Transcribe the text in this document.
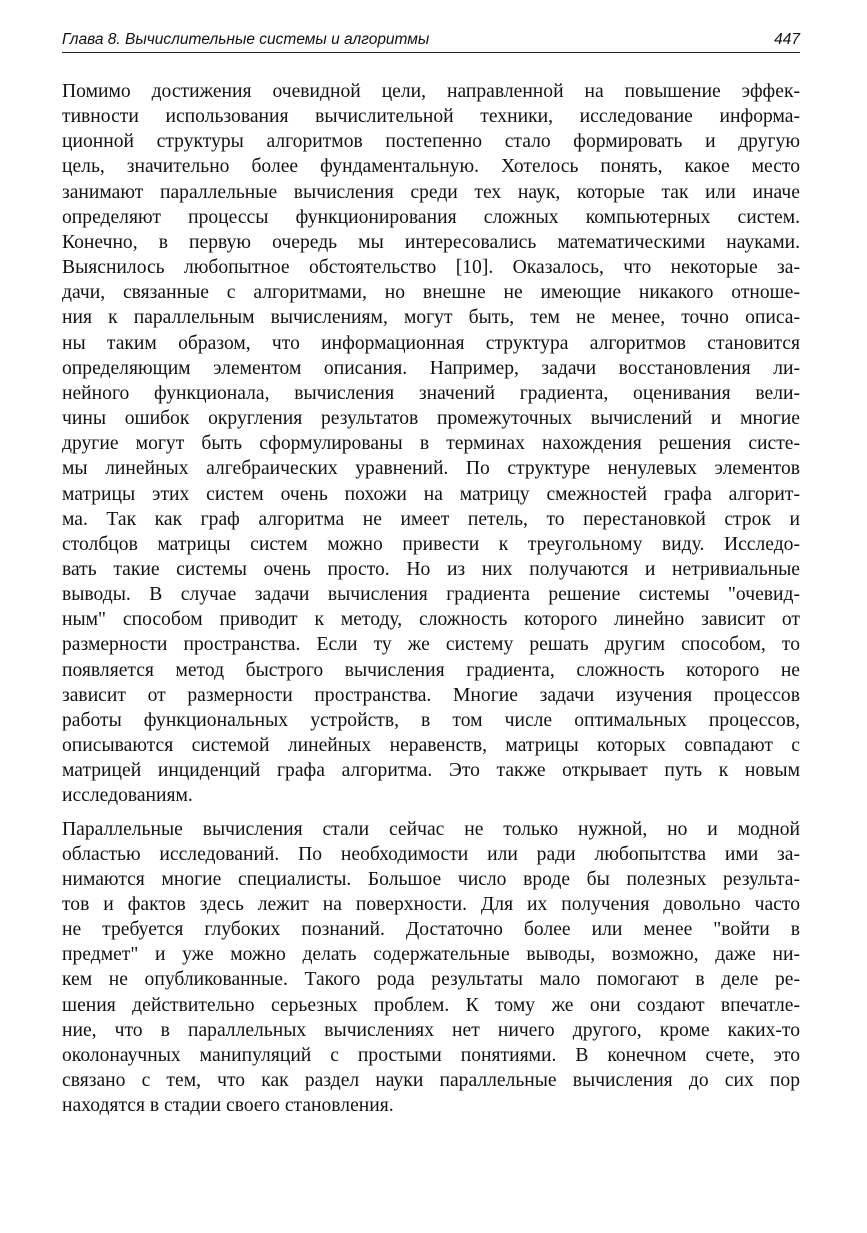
Глава 8. Вычислительные системы и алгоритмы	447
Помимо достижения очевидной цели, направленной на повышение эффек-
тивности использования вычислительной техники, исследование информа-
ционной структуры алгоритмов постепенно стало формировать и другую
цель, значительно более фундаментальную. Хотелось понять, какое место
занимают параллельные вычисления среди тех наук, которые так или иначе
определяют процессы функционирования сложных компьютерных систем.
Конечно, в первую очередь мы интересовались математическими науками.
Выяснилось любопытное обстоятельство [10]. Оказалось, что некоторые за-
дачи, связанные с алгоритмами, но внешне не имеющие никакого отноше-
ния к параллельным вычислениям, могут быть, тем не менее, точно описа-
ны таким образом, что информационная структура алгоритмов становится
определяющим элементом описания. Например, задачи восстановления ли-
нейного функционала, вычисления значений градиента, оценивания вели-
чины ошибок округления результатов промежуточных вычислений и многие
другие могут быть сформулированы в терминах нахождения решения систе-
мы линейных алгебраических уравнений. По структуре ненулевых элементов
матрицы этих систем очень похожи на матрицу смежностей графа алгорит-
ма. Так как граф алгоритма не имеет петель, то перестановкой строк и
столбцов матрицы систем можно привести к треугольному виду. Исследо-
вать такие системы очень просто. Но из них получаются и нетривиальные
выводы. В случае задачи вычисления градиента решение системы "очевид-
ным" способом приводит к методу, сложность которого линейно зависит от
размерности пространства. Если ту же систему решать другим способом, то
появляется метод быстрого вычисления градиента, сложность которого не
зависит от размерности пространства. Многие задачи изучения процессов
работы функциональных устройств, в том числе оптимальных процессов,
описываются системой линейных неравенств, матрицы которых совпадают с
матрицей инциденций графа алгоритма. Это также открывает путь к новым
исследованиям.
Параллельные вычисления стали сейчас не только нужной, но и модной
областью исследований. По необходимости или ради любопытства ими за-
нимаются многие специалисты. Большое число вроде бы полезных результа-
тов и фактов здесь лежит на поверхности. Для их получения довольно часто
не требуется глубоких познаний. Достаточно более или менее "войти в
предмет" и уже можно делать содержательные выводы, возможно, даже ни-
кем не опубликованные. Такого рода результаты мало помогают в деле ре-
шения действительно серьезных проблем. К тому же они создают впечатле-
ние, что в параллельных вычислениях нет ничего другого, кроме каких-то
околонаучных манипуляций с простыми понятиями. В конечном счете, это
связано с тем, что как раздел науки параллельные вычисления до сих пор
находятся в стадии своего становления.
